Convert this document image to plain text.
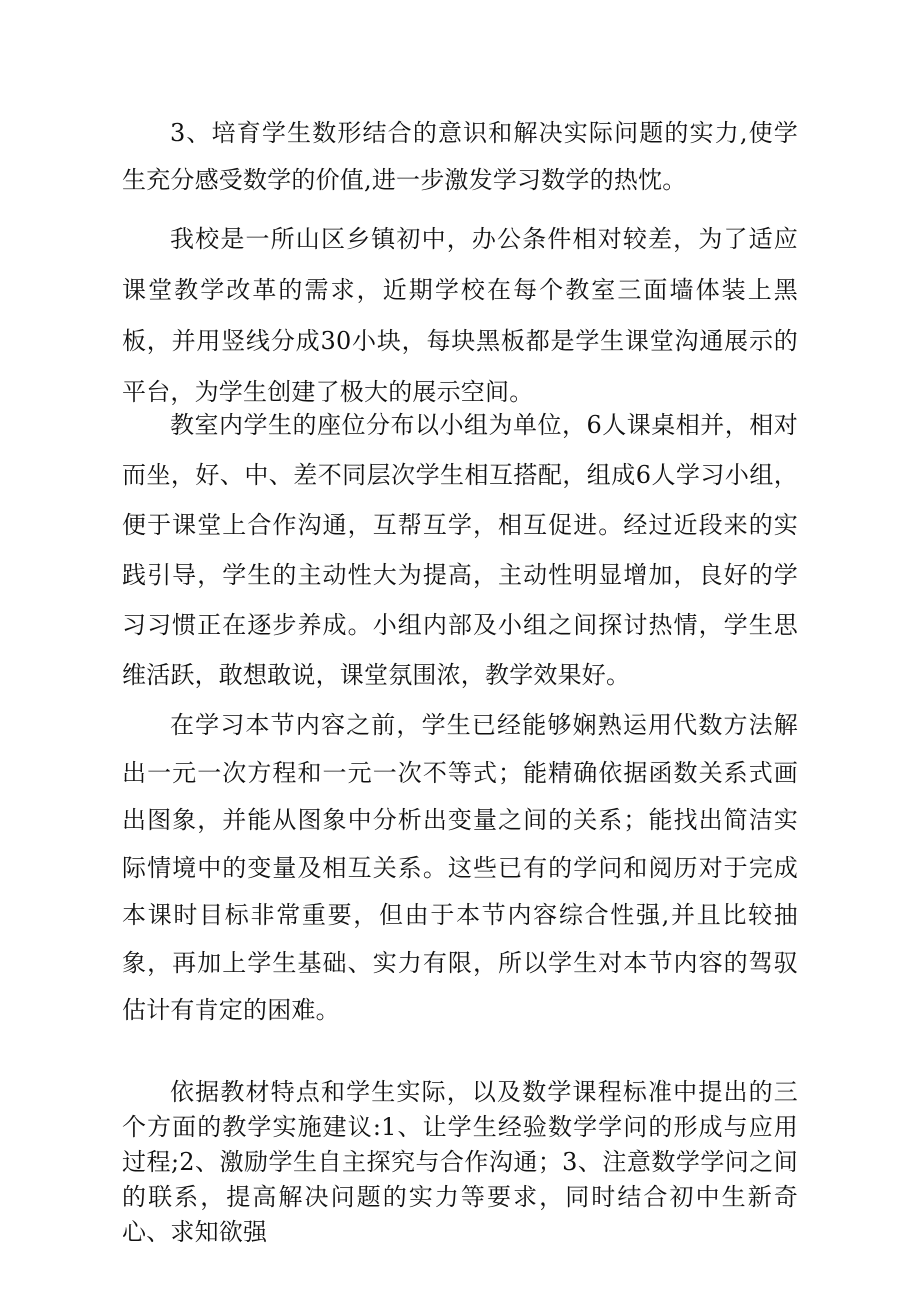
3、培育学生数形结合的意识和解决实际问题的实力,使学生充分感受数学的价值,进一步激发学习数学的热忱。

我校是一所山区乡镇初中，办公条件相对较差，为了适应课堂教学改革的需求，近期学校在每个教室三面墙体装上黑板，并用竖线分成30小块，每块黑板都是学生课堂沟通展示的平台，为学生创建了极大的展示空间。

教室内学生的座位分布以小组为单位，6人课桌相并，相对而坐，好、中、差不同层次学生相互搭配，组成6人学习小组，便于课堂上合作沟通，互帮互学，相互促进。经过近段来的实践引导，学生的主动性大为提高，主动性明显增加，良好的学习习惯正在逐步养成。小组内部及小组之间探讨热情，学生思维活跃，敢想敢说，课堂氛围浓，教学效果好。

在学习本节内容之前，学生已经能够娴熟运用代数方法解出一元一次方程和一元一次不等式；能精确依据函数关系式画出图象，并能从图象中分析出变量之间的关系；能找出简洁实际情境中的变量及相互关系。这些已有的学问和阅历对于完成本课时目标非常重要，但由于本节内容综合性强,并且比较抽象，再加上学生基础、实力有限，所以学生对本节内容的驾驭估计有肯定的困难。

依据教材特点和学生实际，以及数学课程标准中提出的三个方面的教学实施建议:1、让学生经验数学学问的形成与应用过程;2、激励学生自主探究与合作沟通；3、注意数学学问之间的联系，提高解决问题的实力等要求，同时结合初中生新奇心、求知欲强
